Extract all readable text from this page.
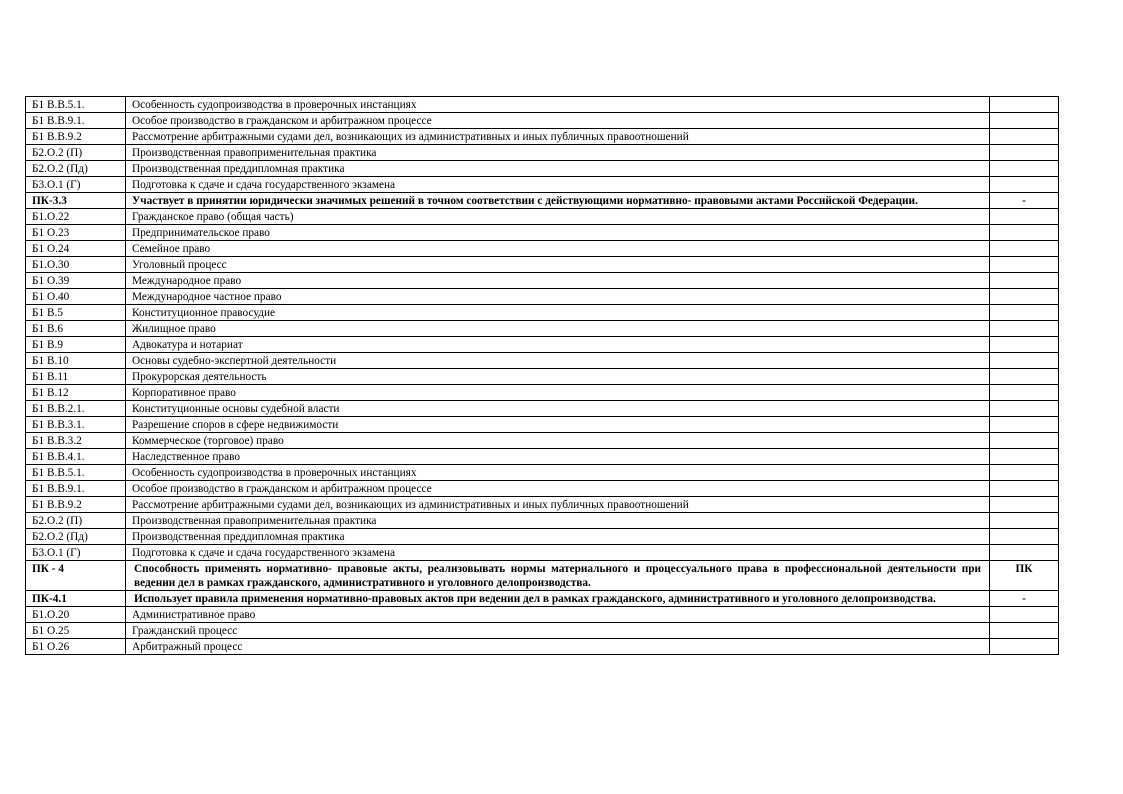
Б1 В.В.5.1.	Особенность судопроизводства в проверочных инстанциях	
Б1 В.В.9.1.	Особое производство в гражданском и арбитражном процессе	
Б1 В.В.9.2	Рассмотрение арбитражными судами дел, возникающих из административных и иных публичных правоотношений	
Б2.О.2 (П)	Производственная правоприменительная практика	
Б2.О.2 (Пд)	Производственная преддипломная практика	
Б3.О.1 (Г)	Подготовка к сдаче и сдача государственного экзамена	
ПК-3.3	Участвует в принятии юридически значимых решений в точном соответствии с действующими нормативно- правовыми актами Российской Федерации.	-
Б1.О.22	Гражданское право (общая часть)	
Б1 О.23	Предпринимательское право	
Б1 О.24	Семейное право	
Б1.О.30	Уголовный процесс	
Б1 О.39	Международное право	
Б1 О.40	Международное частное право	
Б1 В.5	Конституционное правосудие	
Б1 В.6	Жилищное право	
Б1 В.9	Адвокатура и нотариат	
Б1 В.10	Основы судебно-экспертной деятельности	
Б1 В.11	Прокурорская деятельность	
Б1 В.12	Корпоративное право	
Б1 В.В.2.1.	Конституционные основы судебной власти	
Б1 В.В.3.1.	Разрешение споров в сфере недвижимости	
Б1 В.В.3.2	Коммерческое (торговое) право	
Б1 В.В.4.1.	Наследственное право	
Б1 В.В.5.1.	Особенность судопроизводства в проверочных инстанциях	
Б1 В.В.9.1.	Особое производство в гражданском и арбитражном процессе	
Б1 В.В.9.2	Рассмотрение арбитражными судами дел, возникающих из административных и иных публичных правоотношений	
Б2.О.2 (П)	Производственная правоприменительная практика	
Б2.О.2 (Пд)	Производственная преддипломная практика	
Б3.О.1 (Г)	Подготовка к сдаче и сдача государственного экзамена	
ПК - 4	Способность применять нормативно- правовые акты, реализовывать нормы материального и процессуального права в профессиональной деятельности при ведении дел в рамках гражданского, административного и уголовного делопроизводства.	ПК
ПК-4.1	Использует правила применения нормативно-правовых актов при ведении дел в рамках гражданского, административного и уголовного делопроизводства.	-
Б1.О.20	Административное право	
Б1 О.25	Гражданский процесс	
Б1 О.26	Арбитражный процесс	
